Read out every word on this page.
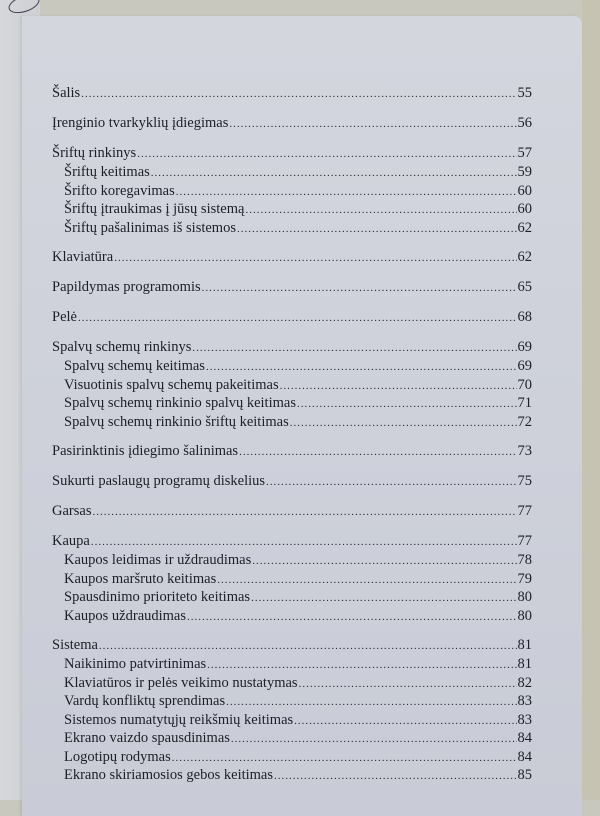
Šalis .....	55
Įrenginio tvarkyklių įdiegimas .....	56
Šriftų rinkinys .....	57
Šriftų keitimas .....	59
Šrifto koregavimas .....	60
Šriftų įtraukimas į jūsų sistemą .....	60
Šriftų pašalinimas iš sistemos .....	62
Klaviatūra .....	62
Papildymas programomis .....	65
Pelė .....	68
Spalvų schemų rinkinys .....	69
Spalvų schemų keitimas .....	69
Visuotinis spalvų schemų pakeitimas .....	70
Spalvų schemų rinkinio spalvų keitimas .....	71
Spalvų schemų rinkinio šriftų keitimas .....	72
Pasirinktinis įdiegimo šalinimas .....	73
Sukurti paslaugų programų diskelius .....	75
Garsas .....	77
Kaupa .....	77
Kaupos leidimas ir uždraudimas .....	78
Kaupos maršruto keitimas .....	79
Spausdinimo prioriteto keitimas .....	80
Kaupos uždraudimas .....	80
Sistema .....	81
Naikinimo patvirtinimas .....	81
Klaviatūros ir pelės veikimo nustatymas .....	82
Vardų konfliktų sprendimas .....	83
Sistemos numatytųjų reikšmių keitimas .....	83
Ekrano vaizdo spausdinimas .....	84
Logotipų rodymas .....	84
Ekrano skiriamosios gebos keitimas .....	85
